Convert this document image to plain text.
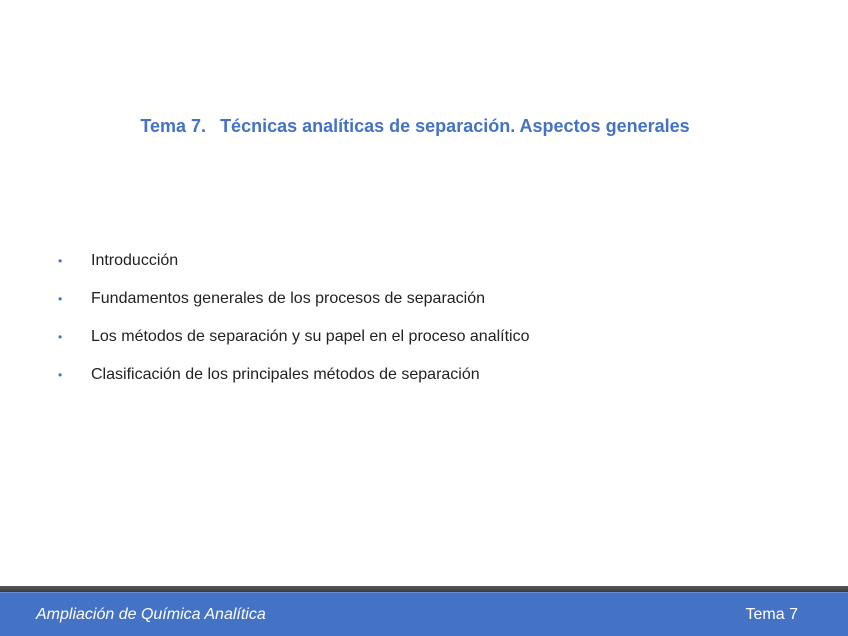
Tema 7. Técnicas analíticas de separación. Aspectos generales
•	Introducción
•	Fundamentos generales de los procesos de separación
•	Los métodos de separación y su papel en el proceso analítico
•	Clasificación de los principales métodos de separación
Ampliación de Química Analítica	Tema 7
